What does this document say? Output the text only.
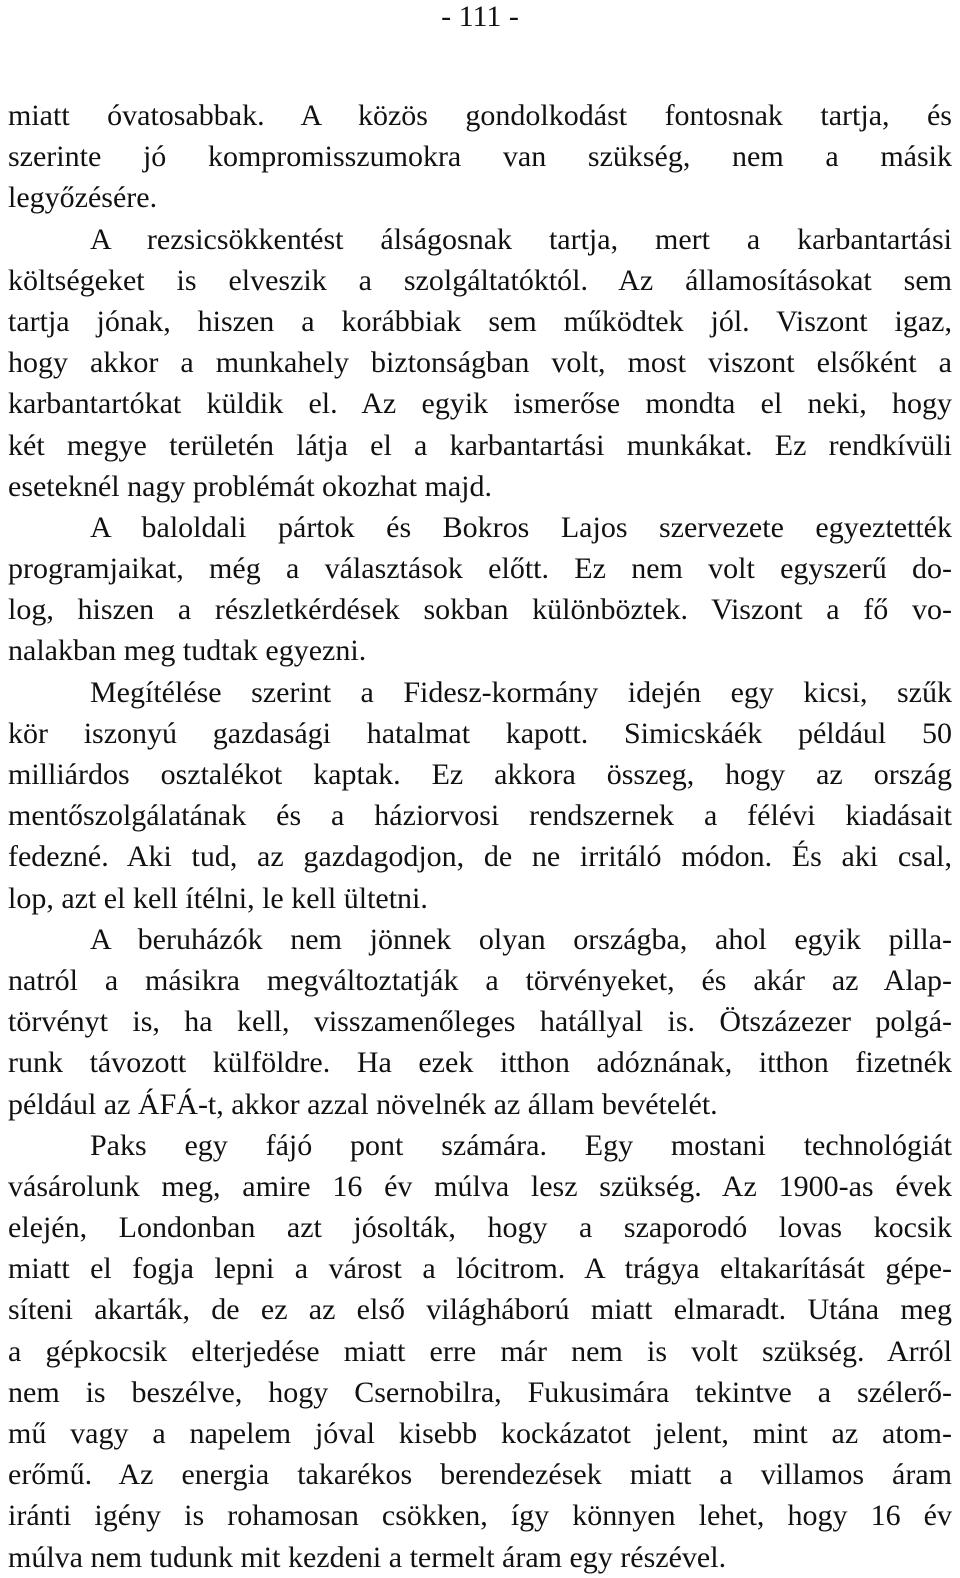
- 111 -
miatt óvatosabbak. A közös gondolkodást fontosnak tartja, és
szerinte jó kompromisszumokra van szükség, nem a másik
legyőzésére.
A rezsicsökkentést álságosnak tartja, mert a karbantartási
költségeket is elveszik a szolgáltatóktól. Az államosításokat sem
tartja jónak, hiszen a korábbiak sem működtek jól. Viszont igaz,
hogy akkor a munkahely biztonságban volt, most viszont elsőként a
karbantartókat küldik el. Az egyik ismerőse mondta el neki, hogy
két megye területén látja el a karbantartási munkákat. Ez rendkívüli
eseteknél nagy problémát okozhat majd.
A baloldali pártok és Bokros Lajos szervezete egyeztették
programjaikat, még a választások előtt. Ez nem volt egyszerű do-
log, hiszen a részletkérdések sokban különböztek. Viszont a fő vo-
nalakban meg tudtak egyezni.
Megítélése szerint a Fidesz-kormány idején egy kicsi, szűk
kör iszonyú gazdasági hatalmat kapott. Simicskáék például 50
milliárdos osztalékot kaptak. Ez akkora összeg, hogy az ország
mentőszolgálatának és a háziorvosi rendszernek a félévi kiadásait
fedezné. Aki tud, az gazdagodjon, de ne irritáló módon. És aki csal,
lop, azt el kell ítélni, le kell ültetni.
A beruházók nem jönnek olyan országba, ahol egyik pilla-
natról a másikra megváltoztatják a törvényeket, és akár az Alap-
törvényt is, ha kell, visszamenőleges hatállyal is. Ötszázezer polgá-
runk távozott külföldre. Ha ezek itthon adóznának, itthon fizetnék
például az ÁFÁ-t, akkor azzal növelnék az állam bevételét.
Paks egy fájó pont számára. Egy mostani technológiát
vásárolunk meg, amire 16 év múlva lesz szükség. Az 1900-as évek
elején, Londonban azt jósolták, hogy a szaporodó lovas kocsik
miatt el fogja lepni a várost a lócitrom. A trágya eltakarítását gépe-
síteni akarták, de ez az első világháború miatt elmaradt. Utána meg
a gépkocsik elterjedése miatt erre már nem is volt szükség. Arról
nem is beszélve, hogy Csernobilra, Fukusimára tekintve a szélerő-
mű vagy a napelem jóval kisebb kockázatot jelent, mint az atom-
erőmű. Az energia takarékos berendezések miatt a villamos áram
iránti igény is rohamosan csökken, így könnyen lehet, hogy 16 év
múlva nem tudunk mit kezdeni a termelt áram egy részével.
